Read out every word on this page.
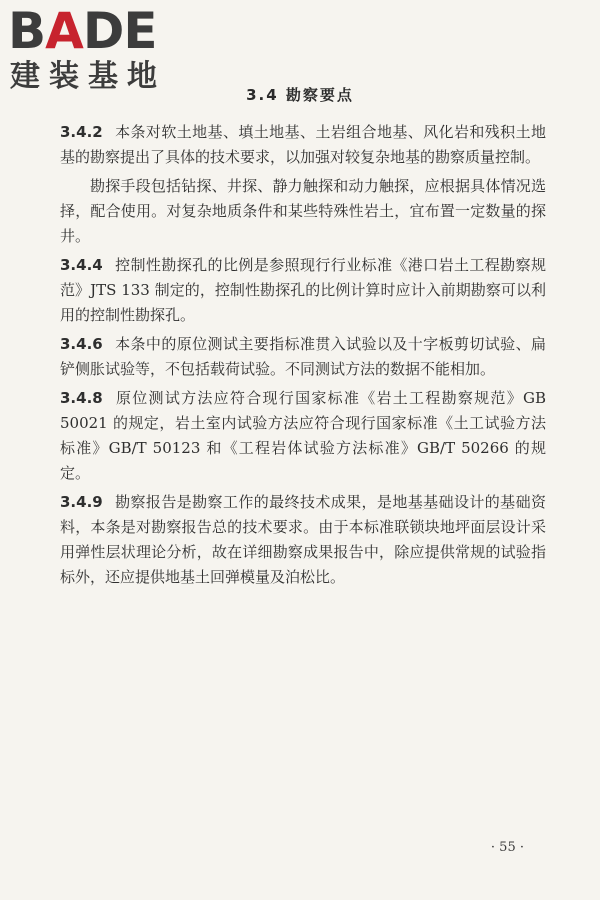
BADE
建装基地
3.4 勘察要点

3.4.2 本条对软土地基、填土地基、土岩组合地基、风化岩和残积土地基的勘察提出了具体的技术要求，以加强对较复杂地基的勘察质量控制。

勘探手段包括钻探、井探、静力触探和动力触探，应根据具体情况选择，配合使用。对复杂地质条件和某些特殊性岩土，宜布置一定数量的探井。

3.4.4 控制性勘探孔的比例是参照现行行业标准《港口岩土工程勘察规范》JTS 133 制定的，控制性勘探孔的比例计算时应计入前期勘察可以利用的控制性勘探孔。

3.4.6 本条中的原位测试主要指标准贯入试验以及十字板剪切试验、扁铲侧胀试验等，不包括载荷试验。不同测试方法的数据不能相加。

3.4.8 原位测试方法应符合现行国家标准《岩土工程勘察规范》GB 50021 的规定，岩土室内试验方法应符合现行国家标准《土工试验方法标准》GB/T 50123 和《工程岩体试验方法标准》GB/T 50266 的规定。

3.4.9 勘察报告是勘察工作的最终技术成果，是地基基础设计的基础资料，本条是对勘察报告总的技术要求。由于本标准联锁块地坪面层设计采用弹性层状理论分析，故在详细勘察成果报告中，除应提供常规的试验指标外，还应提供地基土回弹模量及泊松比。

· 55 ·
